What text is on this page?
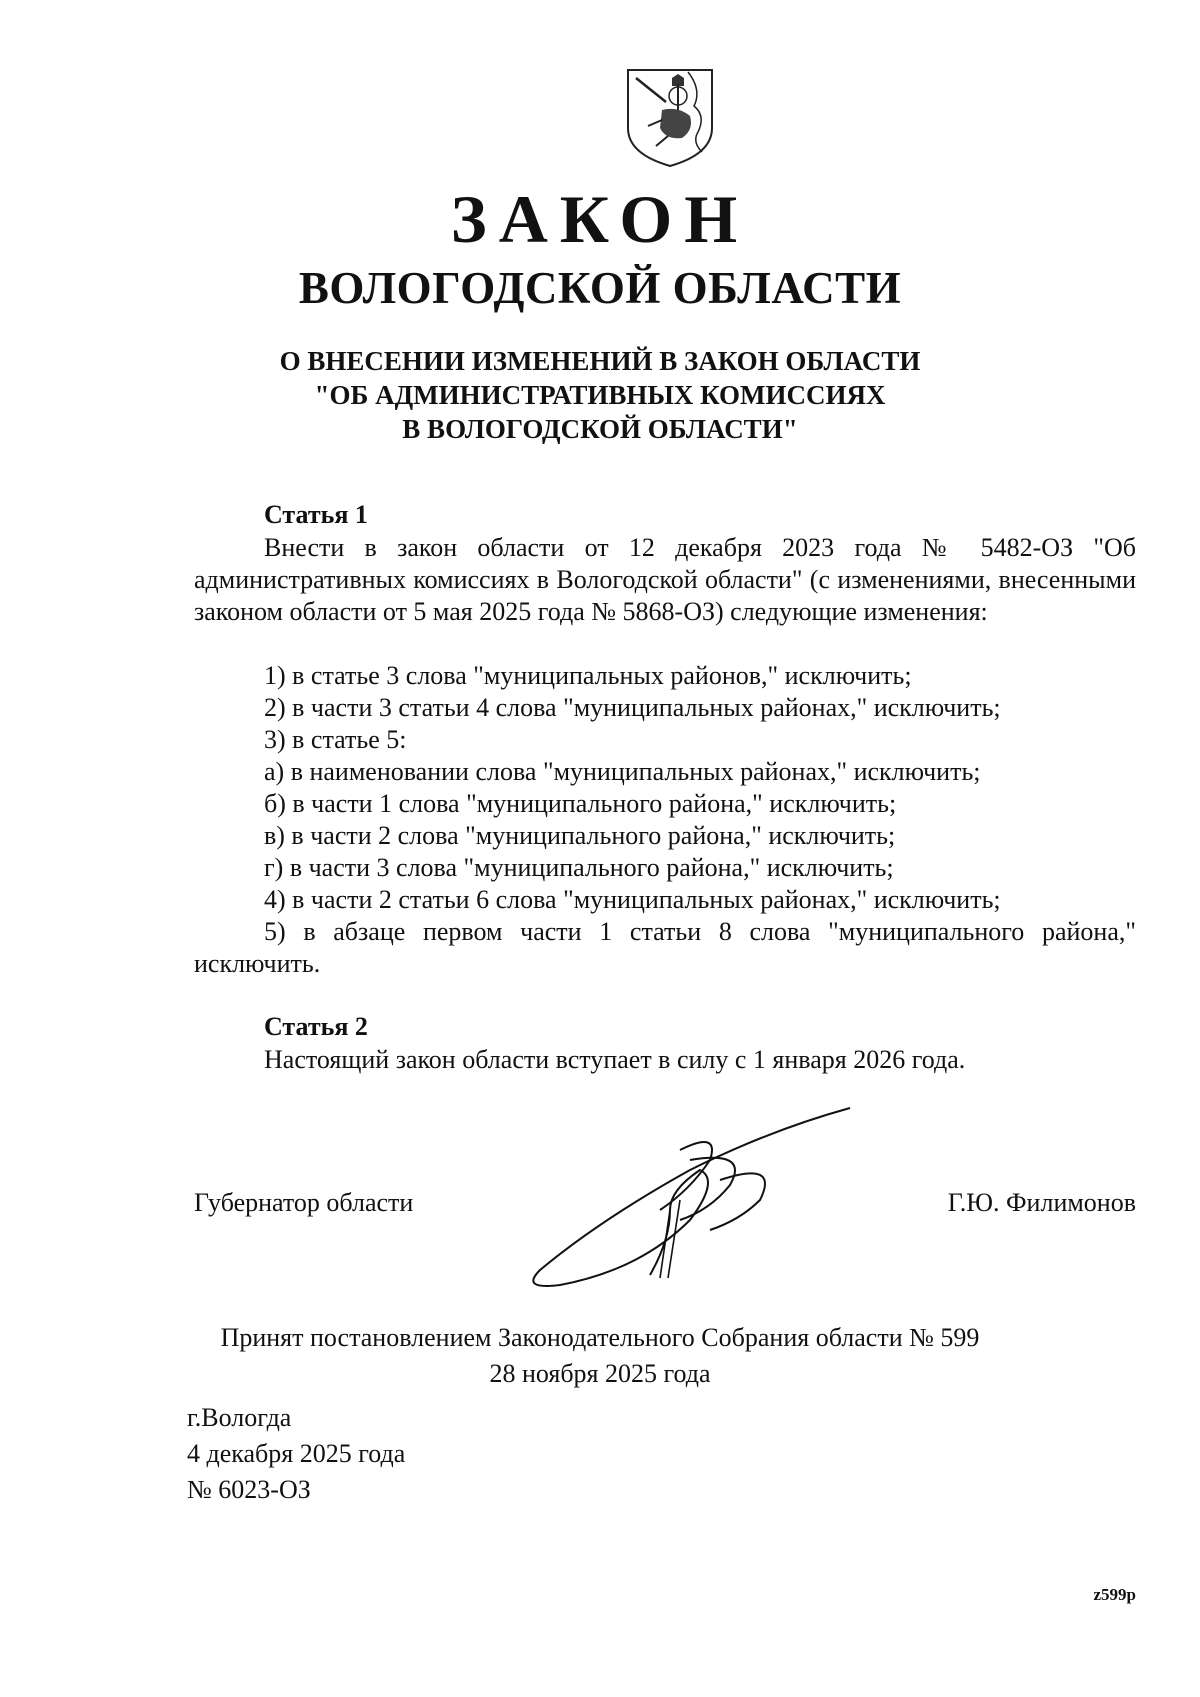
ЗАКОН
ВОЛОГОДСКОЙ ОБЛАСТИ
О ВНЕСЕНИИ ИЗМЕНЕНИЙ В ЗАКОН ОБЛАСТИ
"ОБ АДМИНИСТРАТИВНЫХ КОМИССИЯХ
В ВОЛОГОДСКОЙ ОБЛАСТИ"
Статья 1
Внести в закон области от 12 декабря 2023 года № 5482-ОЗ "Об административных комиссиях в Вологодской области" (с изменениями, внесенными законом области от 5 мая 2025 года № 5868-ОЗ) следующие изменения:
1) в статье 3 слова "муниципальных районов," исключить;
2) в части 3 статьи 4 слова "муниципальных районах," исключить;
3) в статье 5:
а) в наименовании слова "муниципальных районах," исключить;
б) в части 1 слова "муниципального района," исключить;
в) в части 2 слова "муниципального района," исключить;
г) в части 3 слова "муниципального района," исключить;
4) в части 2 статьи 6 слова "муниципальных районах," исключить;
5) в абзаце первом части 1 статьи 8 слова "муниципального района," исключить.
Статья 2
Настоящий закон области вступает в силу с 1 января 2026 года.
Губернатор области	Г.Ю. Филимонов
Принят постановлением Законодательного Собрания области № 599
28 ноября 2025 года
г.Вологда
4 декабря 2025 года
№ 6023-ОЗ
z599p
